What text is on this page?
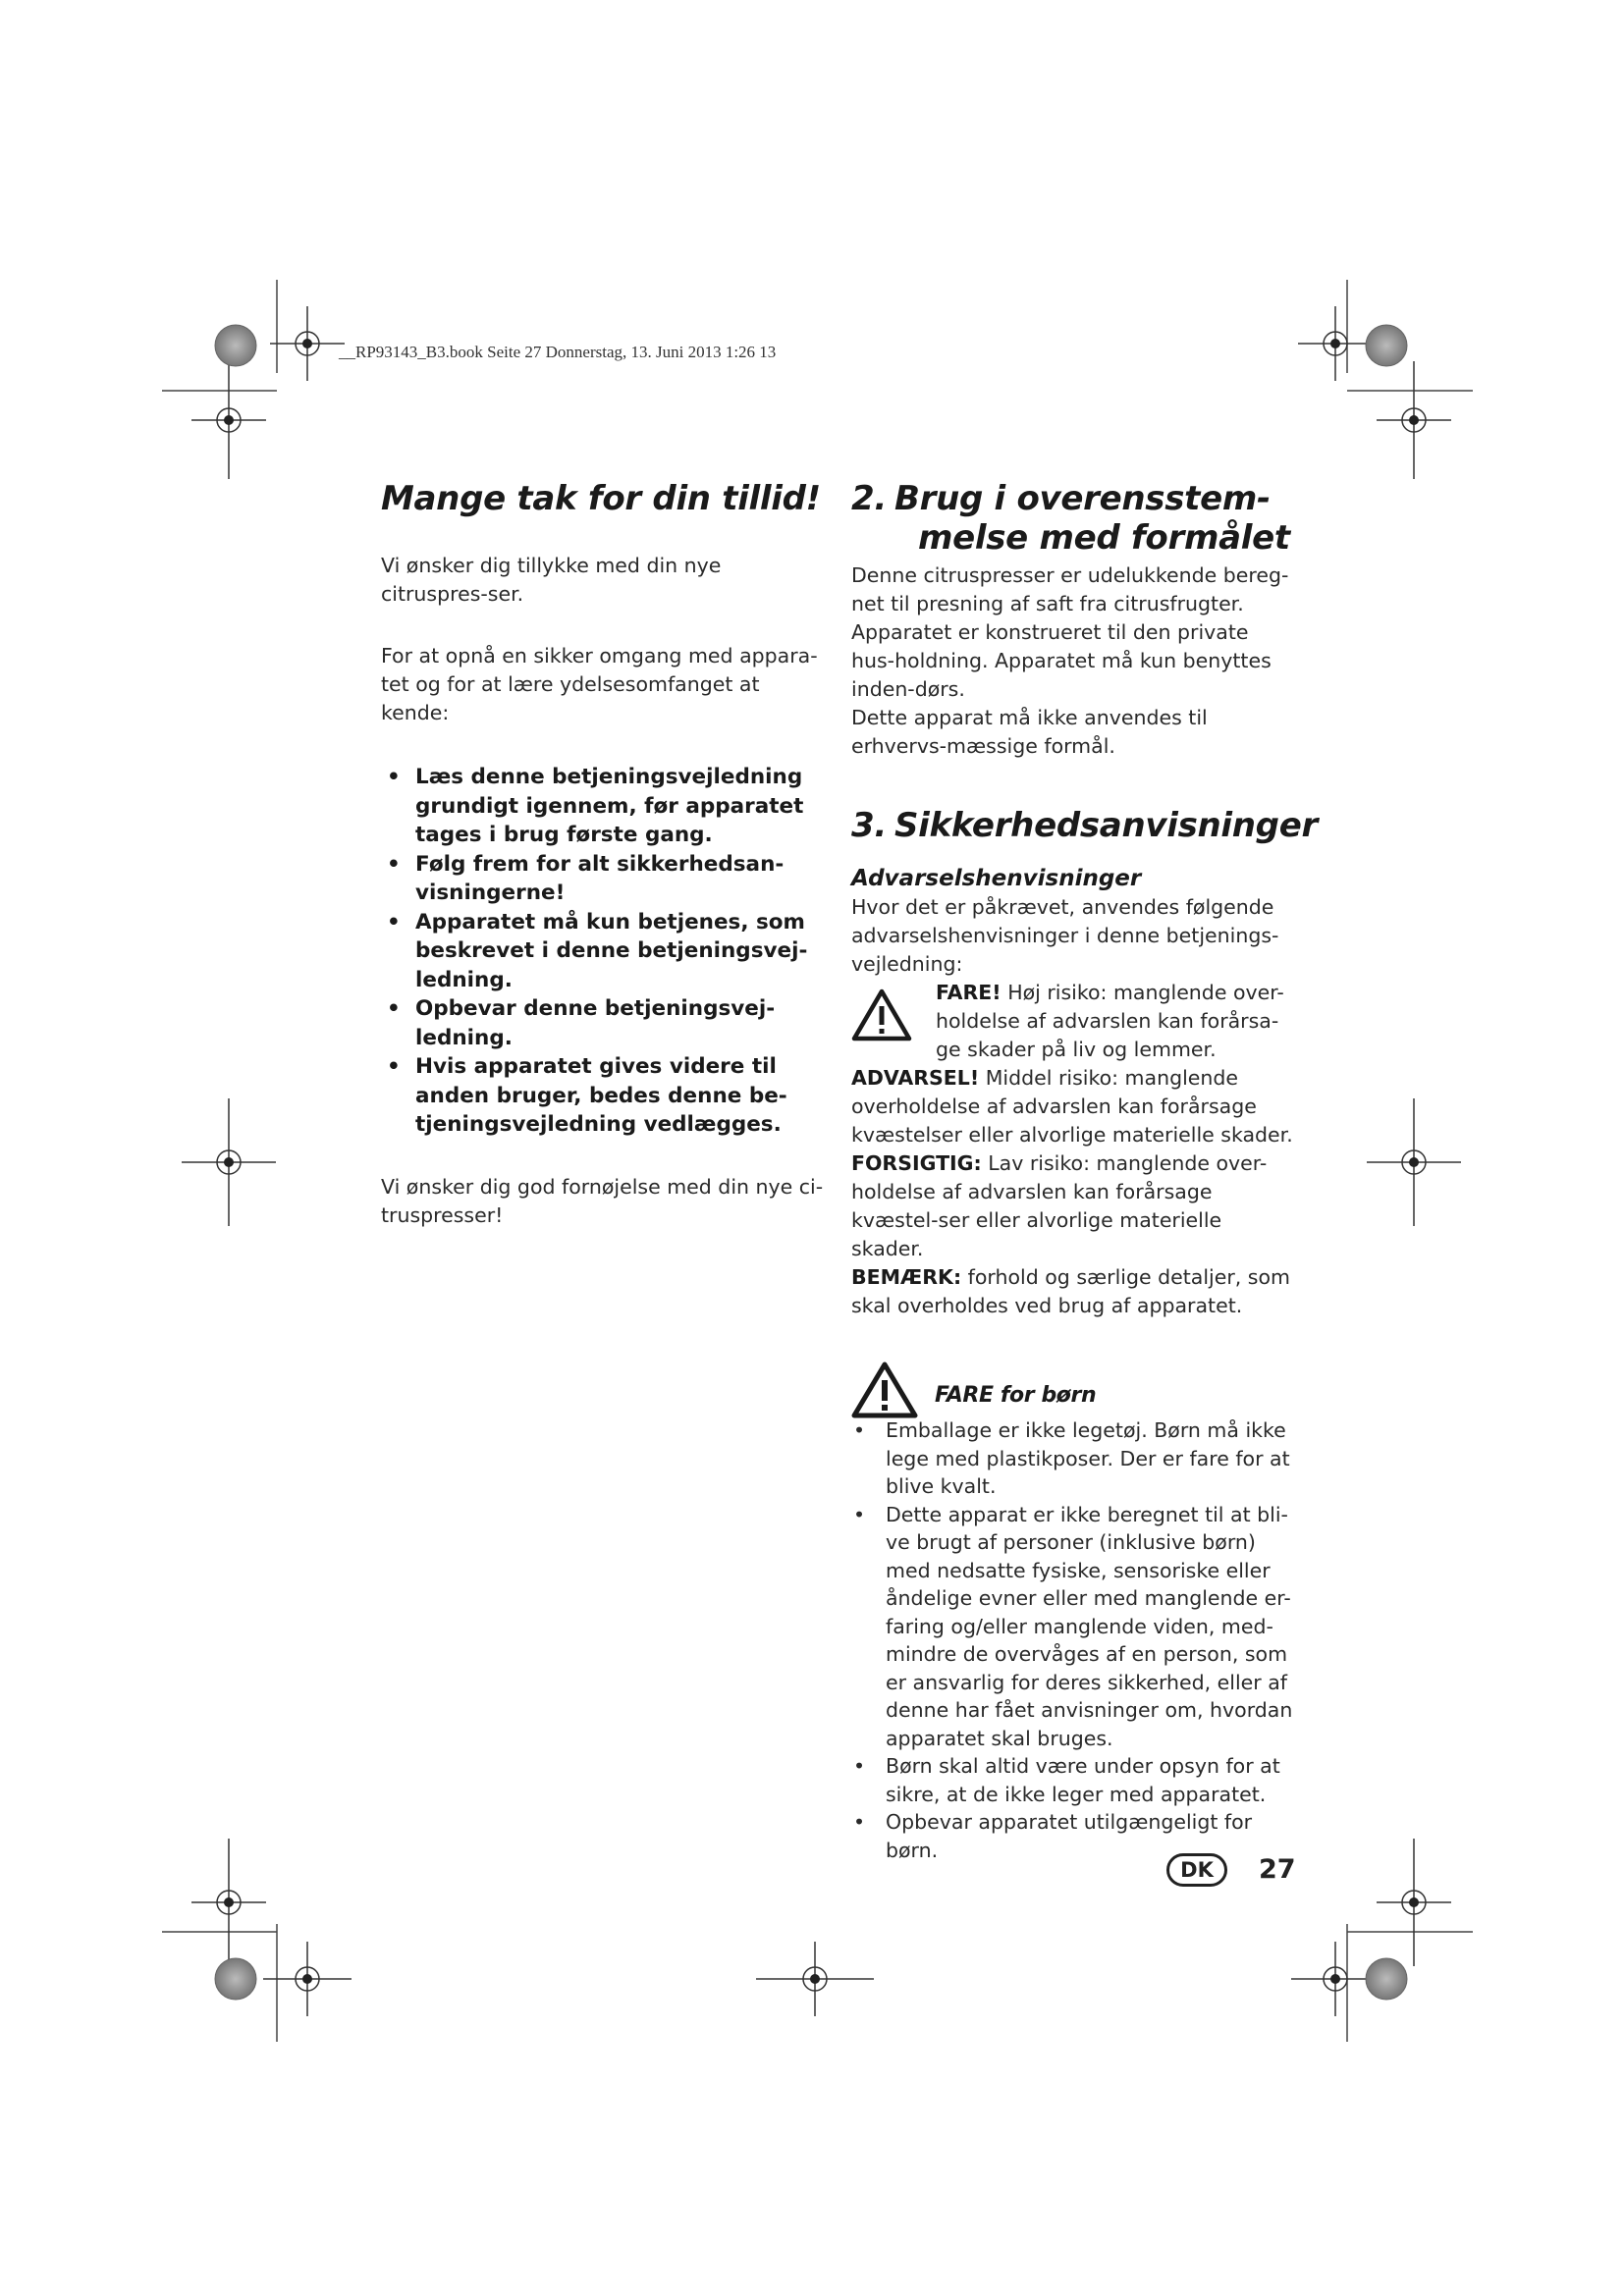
__RP93143_B3.book Seite 27 Donnerstag, 13. Juni 2013 1:26 13
Mange tak for din tillid!

Vi ønsker dig tillykke med din nye citruspres-ser.

For at opnå en sikker omgang med appara-tet og for at lære ydelsesomfanget at kende:

• Læs denne betjeningsvejledning grundigt igennem, før apparatet tages i brug første gang.
• Følg frem for alt sikkerhedsan-visningerne!
• Apparatet må kun betjenes, som beskrevet i denne betjeningsvej-ledning.
• Opbevar denne betjeningsvej-ledning.
• Hvis apparatet gives videre til anden bruger, bedes denne be-tjeningsvejledning vedlægges.

Vi ønsker dig god fornøjelse med din nye ci-truspresser!

2. Brug i overensstem-
melse med formålet

Denne citruspresser er udelukkende bereg-net til presning af saft fra citrusfrugter.

Apparatet er konstrueret til den private hus-holdning. Apparatet må kun benyttes inden-dørs.

Dette apparat må ikke anvendes til erhvervs-mæssige formål.

3. Sikkerhedsanvisninger
Advarselshenvisninger

Hvor det er påkrævet, anvendes følgende advarselshenvisninger i denne betjenings-vejledning:

FARE! Høj risiko: manglende over-holdelse af advarslen kan forårsa-ge skader på liv og lemmer.

ADVARSEL! Middel risiko: manglende overholdelse af advarslen kan forårsage kvæstelser eller alvorlige materielle skader.

FORSIGTIG: Lav risiko: manglende over-holdelse af advarslen kan forårsage kvæstel-ser eller alvorlige materielle skader.

BEMÆRK: forhold og særlige detaljer, som skal overholdes ved brug af apparatet.

FARE for børn
• Emballage er ikke legetøj. Børn må ikke lege med plastikposer. Der er fare for at blive kvalt.
• Dette apparat er ikke beregnet til at bli-ve brugt af personer (inklusive børn) med nedsatte fysiske, sensoriske eller åndelige evner eller med manglende er-faring og/eller manglende viden, med-mindre de overvåges af en person, som er ansvarlig for deres sikkerhed, eller af denne har fået anvisninger om, hvordan apparatet skal bruges.
• Børn skal altid være under opsyn for at sikre, at de ikke leger med apparatet.
• Opbevar apparatet utilgængeligt for børn.
DK	27
